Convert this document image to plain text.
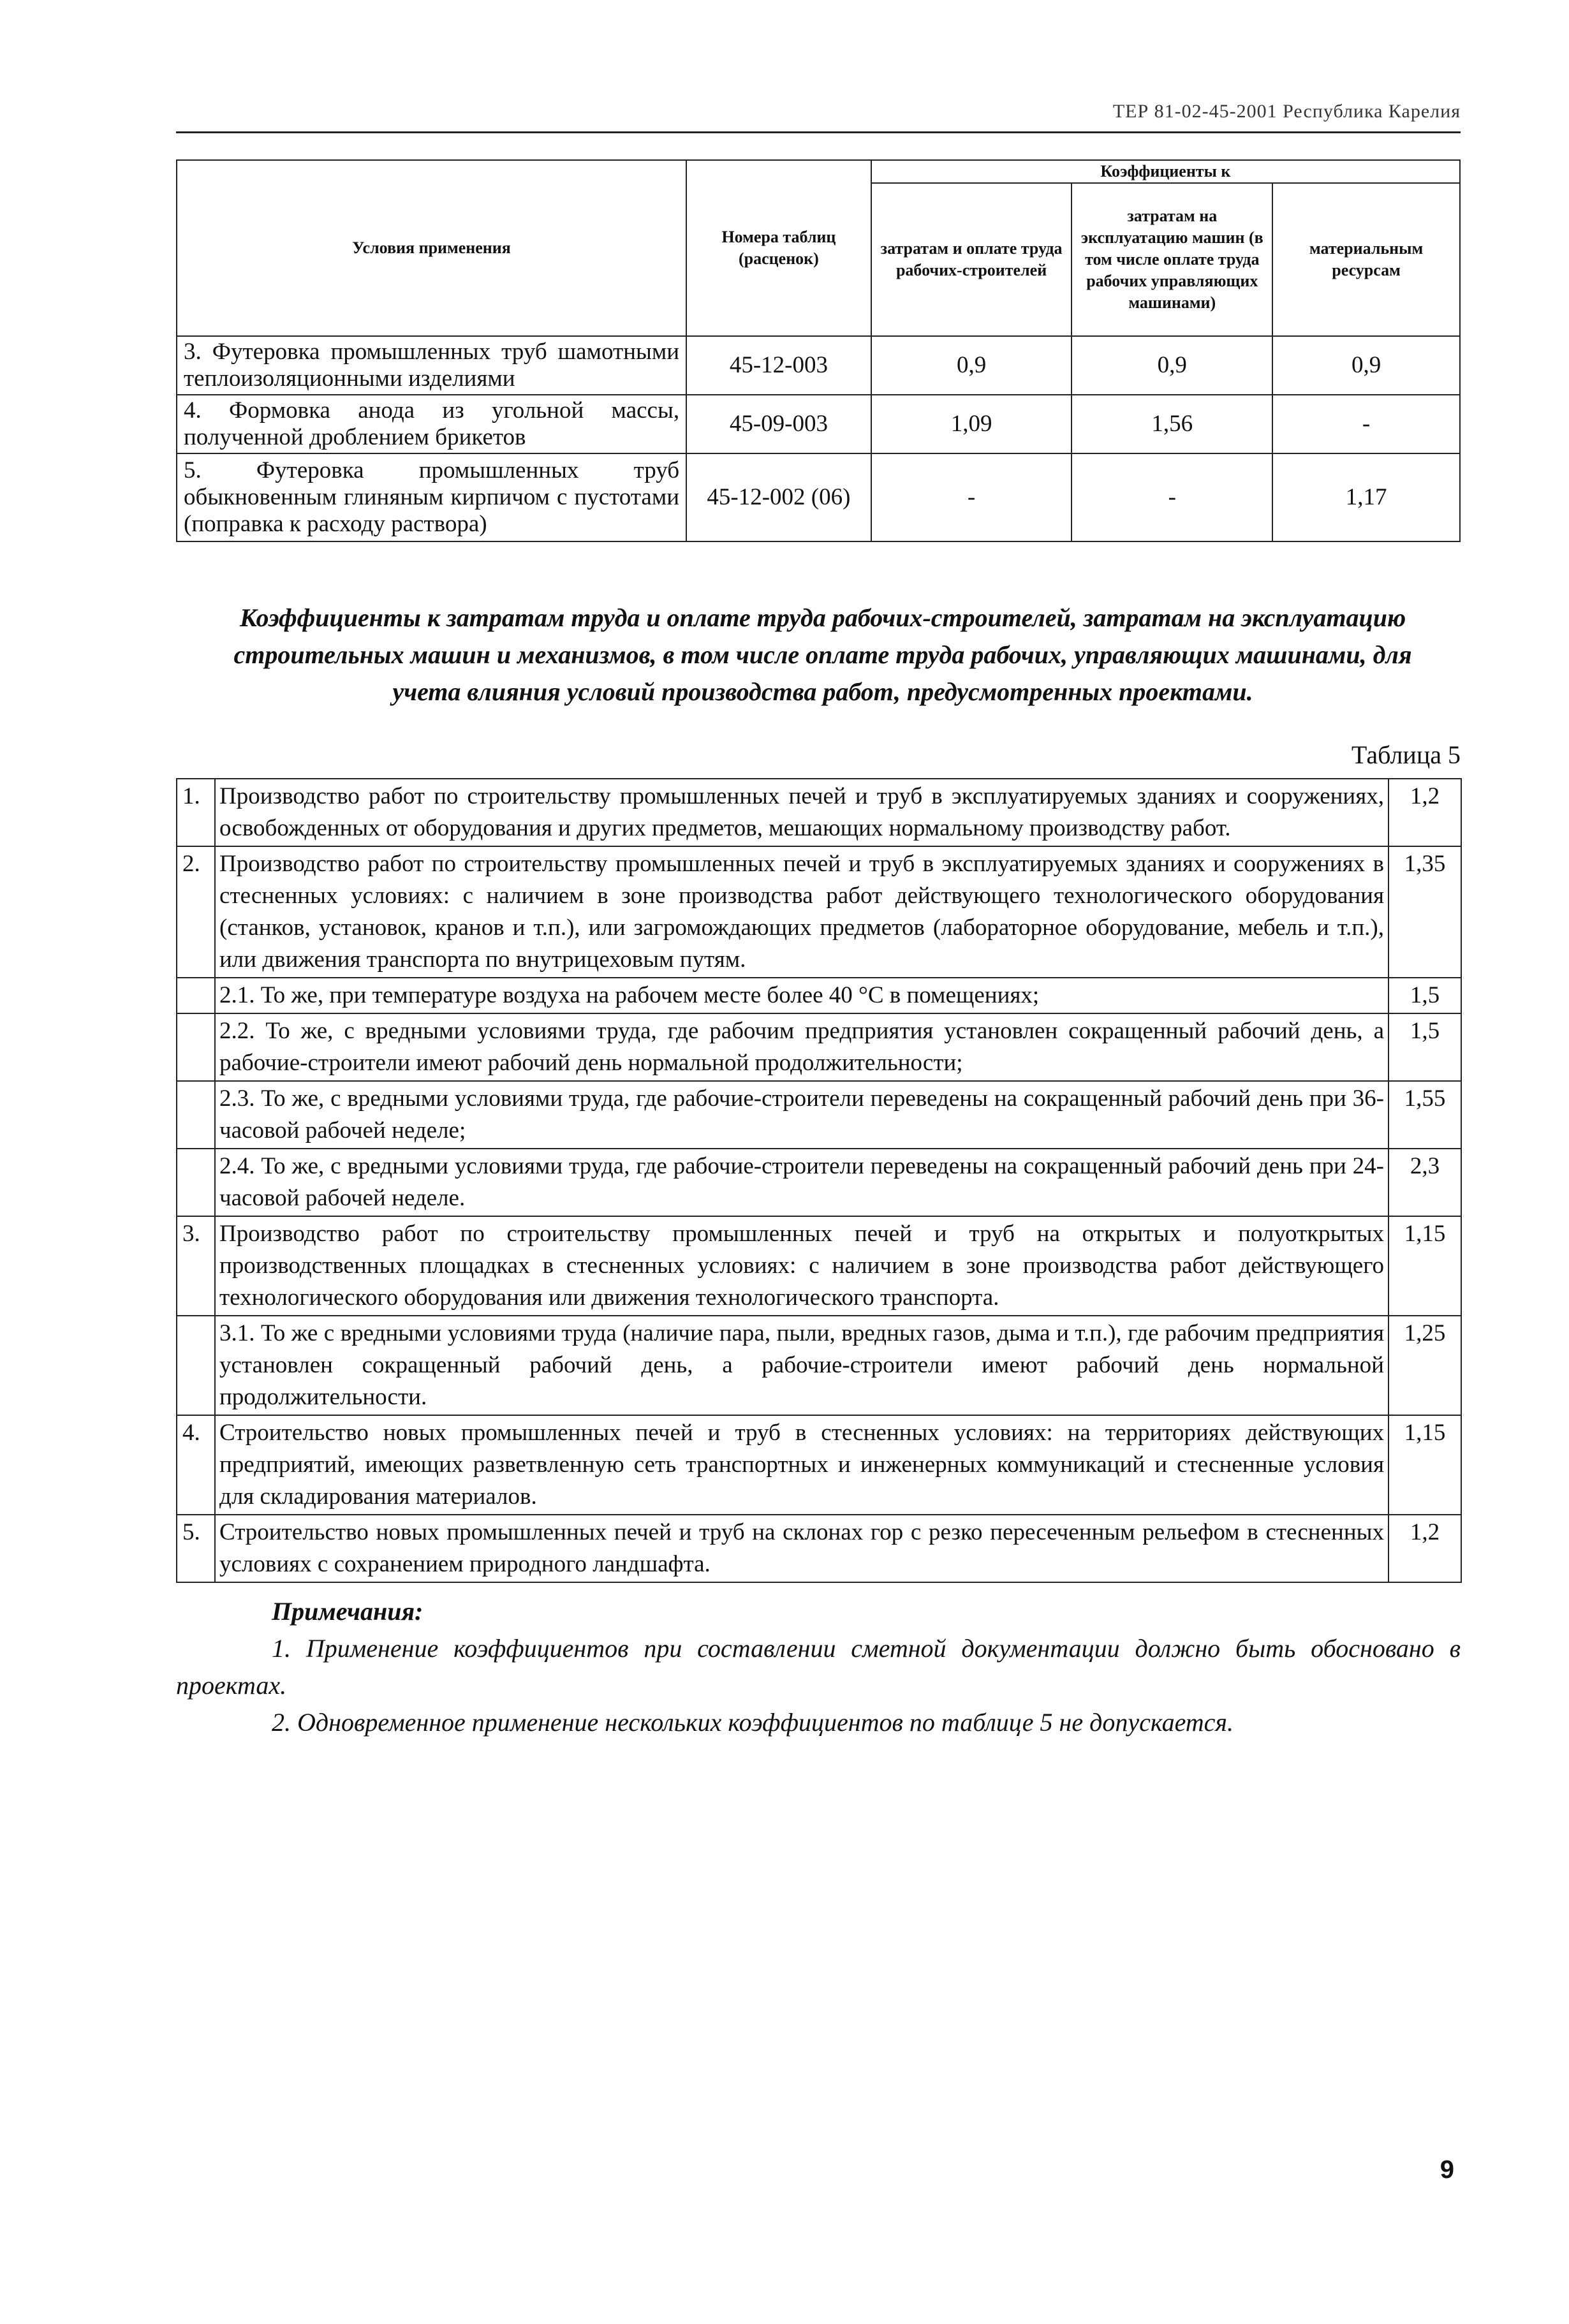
ТЕР 81-02-45-2001 Республика Карелия
Условия применения	Номера таблиц (расценок)	Коэффициенты к		
		затратам и оплате труда рабочих-строителей	затратам на эксплуатацию машин (в том числе оплате труда рабочих управляющих машинами)	материальным ресурсам
3. Футеровка промышленных труб шамотными теплоизоляционными изделиями	45-12-003	0,9	0,9	0,9
4. Формовка анода из угольной массы, полученной дроблением брикетов	45-09-003	1,09	1,56	-
5. Футеровка промышленных труб обыкновенным глиняным кирпичом с пустотами (поправка к расходу раствора)	45-12-002 (06)	-	-	1,17
Коэффициенты к затратам труда и оплате труда рабочих-строителей, затратам на эксплуатацию строительных машин и механизмов, в том числе оплате труда рабочих, управляющих машинами, для учета влияния условий производства работ, предусмотренных проектами.
Таблица 5
1.	Производство работ по строительству промышленных печей и труб в эксплуатируемых зданиях и сооружениях, освобожденных от оборудования и других предметов, мешающих нормальному производству работ.	1,2
2.	Производство работ по строительству промышленных печей и труб в эксплуатируемых зданиях и сооружениях в стесненных условиях: с наличием в зоне производства работ действующего технологического оборудования (станков, установок, кранов и т.п.), или загромождающих предметов (лабораторное оборудование, мебель и т.п.), или движения транспорта по внутрицеховым путям.	1,35
	2.1. То же, при температуре воздуха на рабочем месте более 40 °С в помещениях;	1,5
	2.2. То же, с вредными условиями труда, где рабочим предприятия установлен сокращенный рабочий день, а рабочие-строители имеют рабочий день нормальной продолжительности;	1,5
	2.3. То же, с вредными условиями труда, где рабочие-строители переведены на сокращенный рабочий день при 36-часовой рабочей неделе;	1,55
	2.4. То же, с вредными условиями труда, где рабочие-строители переведены на сокращенный рабочий день при 24-часовой рабочей неделе.	2,3
3.	Производство работ по строительству промышленных печей и труб на открытых и полуоткрытых производственных площадках в стесненных условиях: с наличием в зоне производства работ действующего технологического оборудования или движения технологического транспорта.	1,15
	3.1. То же с вредными условиями труда (наличие пара, пыли, вредных газов, дыма и т.п.), где рабочим предприятия установлен сокращенный рабочий день, а рабочие-строители имеют рабочий день нормальной продолжительности.	1,25
4.	Строительство новых промышленных печей и труб в стесненных условиях: на территориях действующих предприятий, имеющих разветвленную сеть транспортных и инженерных коммуникаций и стесненные условия для складирования материалов.	1,15
5.	Строительство новых промышленных печей и труб на склонах гор с резко пересеченным рельефом в стесненных условиях с сохранением природного ландшафта.	1,2
Примечания:

1. Применение коэффициентов при составлении сметной документации должно быть обосновано в проектах.

2. Одновременное применение нескольких коэффициентов по таблице 5 не допускается.

9
